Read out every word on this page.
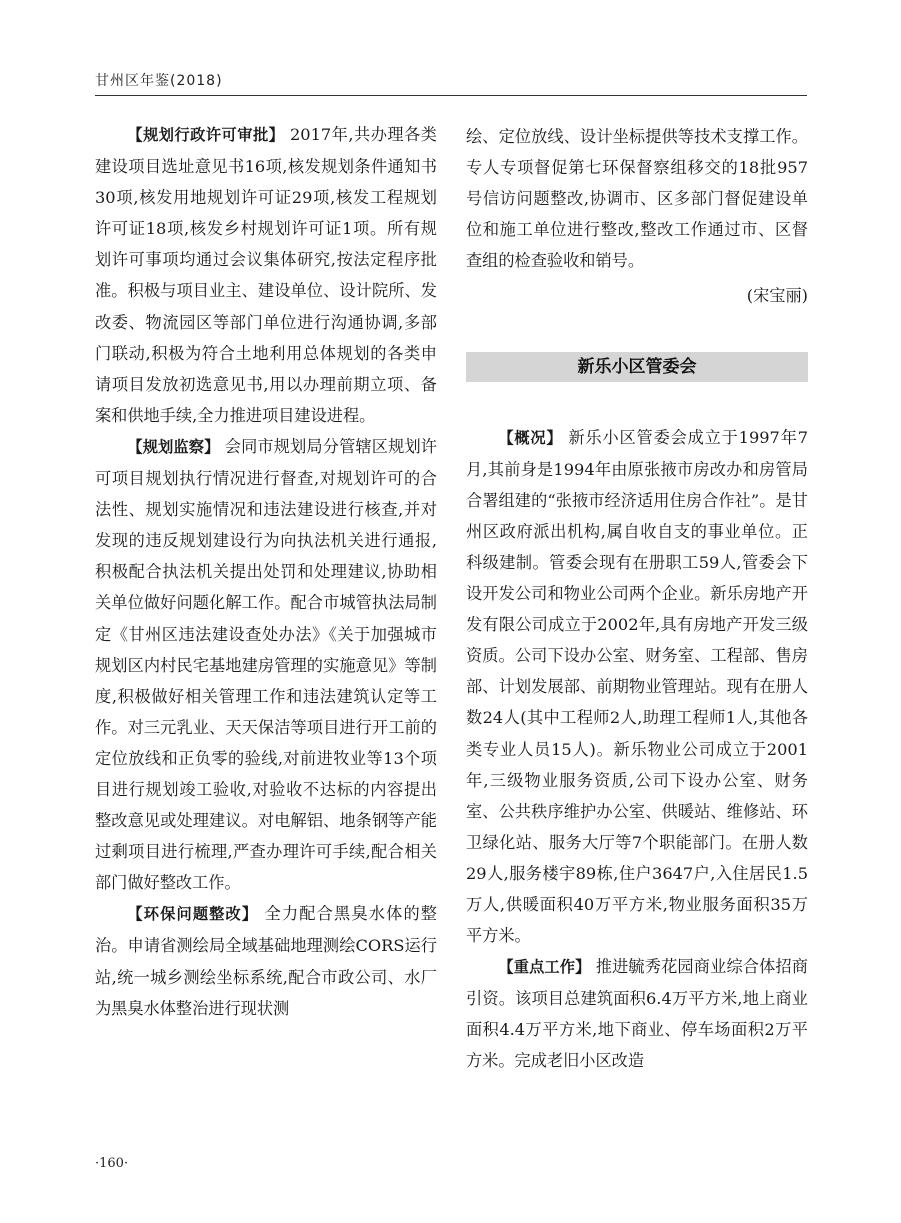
甘州区年鉴(2018)

【规划行政许可审批】 2017年,共办理各类建设项目选址意见书16项,核发规划条件通知书30项,核发用地规划许可证29项,核发工程规划许可证18项,核发乡村规划许可证1项。所有规划许可事项均通过会议集体研究,按法定程序批准。积极与项目业主、建设单位、设计院所、发改委、物流园区等部门单位进行沟通协调,多部门联动,积极为符合土地利用总体规划的各类申请项目发放初选意见书,用以办理前期立项、备案和供地手续,全力推进项目建设进程。

【规划监察】 会同市规划局分管辖区规划许可项目规划执行情况进行督查,对规划许可的合法性、规划实施情况和违法建设进行核查,并对发现的违反规划建设行为向执法机关进行通报,积极配合执法机关提出处罚和处理建议,协助相关单位做好问题化解工作。配合市城管执法局制定《甘州区违法建设查处办法》《关于加强城市规划区内村民宅基地建房管理的实施意见》等制度,积极做好相关管理工作和违法建筑认定等工作。对三元乳业、天天保洁等项目进行开工前的定位放线和正负零的验线,对前进牧业等13个项目进行规划竣工验收,对验收不达标的内容提出整改意见或处理建议。对电解铝、地条钢等产能过剩项目进行梳理,严查办理许可手续,配合相关部门做好整改工作。

【环保问题整改】 全力配合黑臭水体的整治。申请省测绘局全域基础地理测绘CORS运行站,统一城乡测绘坐标系统,配合市政公司、水厂为黑臭水体整治进行现状测

绘、定位放线、设计坐标提供等技术支撑工作。专人专项督促第七环保督察组移交的18批957号信访问题整改,协调市、区多部门督促建设单位和施工单位进行整改,整改工作通过市、区督查组的检查验收和销号。

(宋宝丽)
新乐小区管委会

【概况】 新乐小区管委会成立于1997年7月,其前身是1994年由原张掖市房改办和房管局合署组建的“张掖市经济适用住房合作社”。是甘州区政府派出机构,属自收自支的事业单位。正科级建制。管委会现有在册职工59人,管委会下设开发公司和物业公司两个企业。新乐房地产开发有限公司成立于2002年,具有房地产开发三级资质。公司下设办公室、财务室、工程部、售房部、计划发展部、前期物业管理站。现有在册人数24人(其中工程师2人,助理工程师1人,其他各类专业人员15人)。新乐物业公司成立于2001年,三级物业服务资质,公司下设办公室、财务室、公共秩序维护办公室、供暖站、维修站、环卫绿化站、服务大厅等7个职能部门。在册人数29人,服务楼宇89栋,住户3647户,入住居民1.5万人,供暖面积40万平方米,物业服务面积35万平方米。

【重点工作】 推进毓秀花园商业综合体招商引资。该项目总建筑面积6.4万平方米,地上商业面积4.4万平方米,地下商业、停车场面积2万平方米。完成老旧小区改造

·160·
